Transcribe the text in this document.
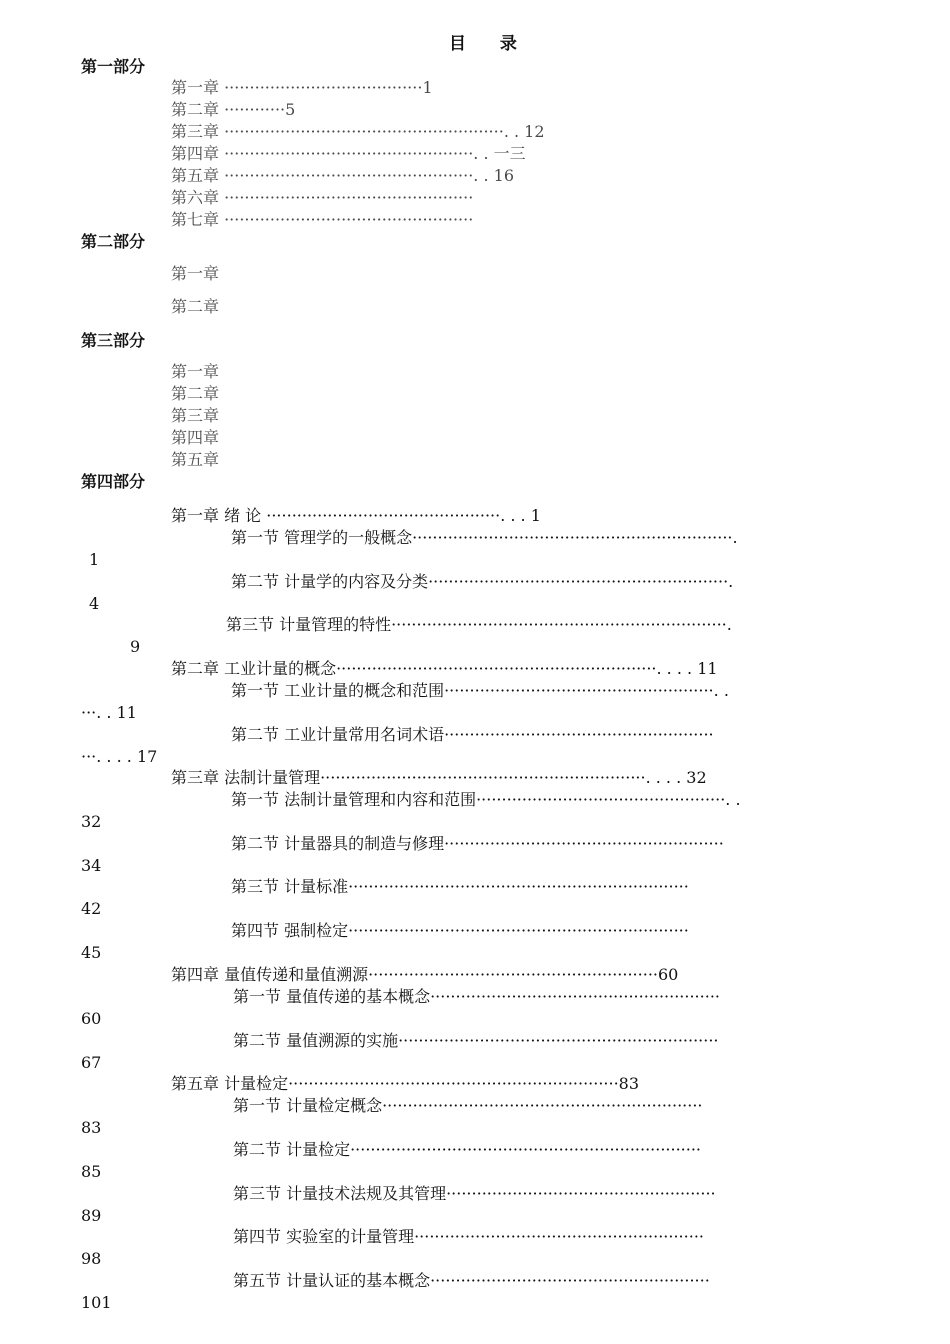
目 录
第一部分
第一章 ·······································1
第二章 ············5
第三章 ·······················································. . 12
第四章 ·················································. . 一三
第五章 ·················································. . 16
第六章 ·················································
第七章 ·················································
第二部分
第一章
第二章
第三部分
第一章
第二章
第三章
第四章
第五章
第四部分
第一章 绪 论 ··············································. . . 1
第一节 管理学的一般概念·······························································.
1
第二节 计量学的内容及分类···························································.
4
第三节 计量管理的特性··································································.
9
第二章 工业计量的概念·······························································. . . . 11
第一节 工业计量的概念和范围·····················································. .
···. . 11
第二节 工业计量常用名词术语·····················································
···. . . . 17
第三章 法制计量管理································································. . . . 32
第一节 法制计量管理和内容和范围·················································. .
32
第二节 计量器具的制造与修理·······················································
34
第三节 计量标准···································································
42
第四节 强制检定···································································
45
第四章 量值传递和量值溯源·························································60
第一节 量值传递的基本概念·························································
60
第二节 量值溯源的实施·······························································
67
第五章 计量检定·································································83
第一节 计量检定概念·······························································
83
第二节 计量检定·····································································
85
第三节 计量技术法规及其管理·····················································
89
第四节 实验室的计量管理·························································
98
第五节 计量认证的基本概念·······················································
101
